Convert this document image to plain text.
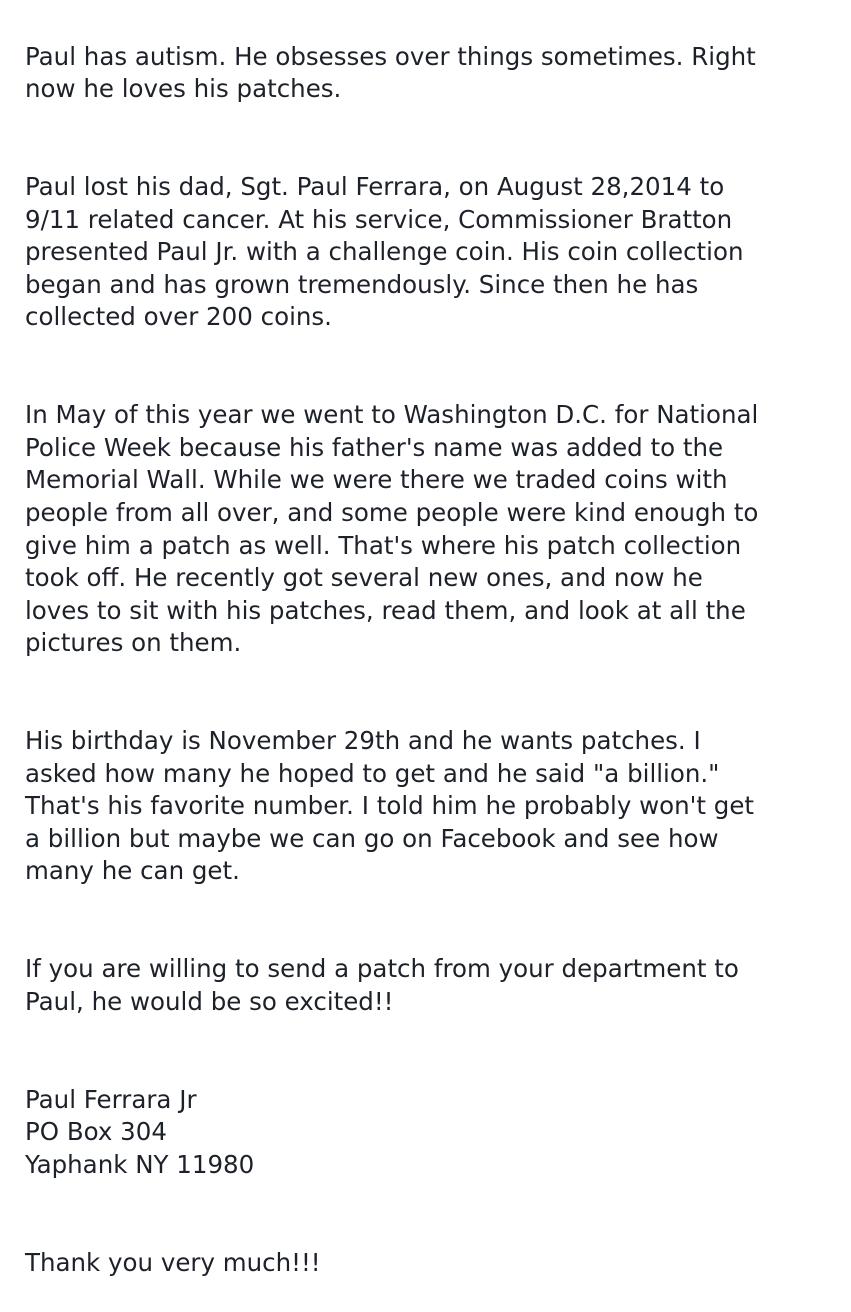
Paul has autism. He obsesses over things sometimes. Right
now he loves his patches.

Paul lost his dad, Sgt. Paul Ferrara, on August 28,2014 to
9/11 related cancer. At his service, Commissioner Bratton
presented Paul Jr. with a challenge coin. His coin collection
began and has grown tremendously. Since then he has
collected over 200 coins.

In May of this year we went to Washington D.C. for National
Police Week because his father's name was added to the
Memorial Wall. While we were there we traded coins with
people from all over, and some people were kind enough to
give him a patch as well. That's where his patch collection
took off. He recently got several new ones, and now he
loves to sit with his patches, read them, and look at all the
pictures on them.

His birthday is November 29th and he wants patches. I
asked how many he hoped to get and he said "a billion."
That's his favorite number. I told him he probably won't get
a billion but maybe we can go on Facebook and see how
many he can get.

If you are willing to send a patch from your department to
Paul, he would be so excited!!

Paul Ferrara Jr
PO Box 304
Yaphank NY 11980

Thank you very much!!!
